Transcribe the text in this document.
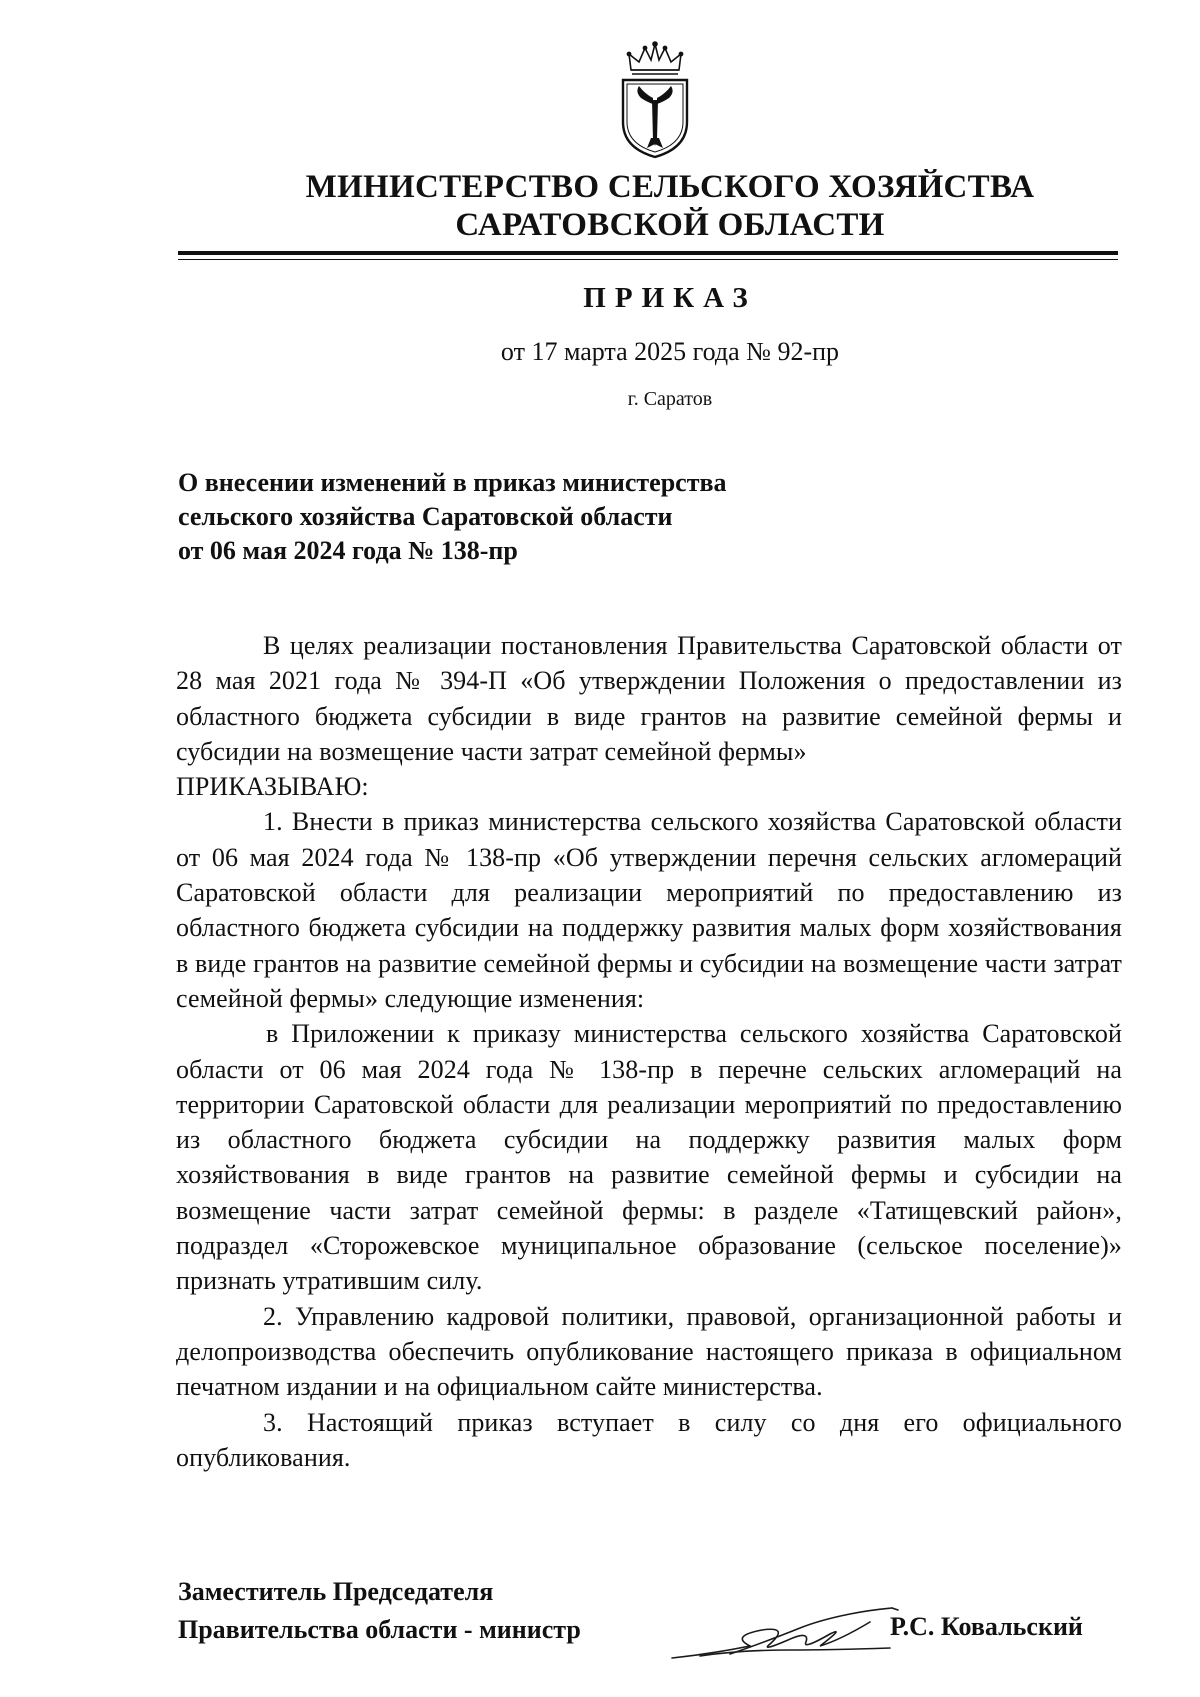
МИНИСТЕРСТВО СЕЛЬСКОГО ХОЗЯЙСТВА
САРАТОВСКОЙ ОБЛАСТИ
ПРИКАЗ
от 17 марта 2025 года № 92-пр
г. Саратов
О внесении изменений в приказ министерства
сельского хозяйства Саратовской области
от 06 мая 2024 года № 138-пр

В целях реализации постановления Правительства Саратовской области от 28 мая 2021 года № 394-П «Об утверждении Положения о предоставлении из областного бюджета субсидии в виде грантов на развитие семейной фермы и субсидии на возмещение части затрат семейной фермы»
ПРИКАЗЫВАЮ:

1. Внести в приказ министерства сельского хозяйства Саратовской области от 06 мая 2024 года № 138-пр «Об утверждении перечня сельских агломераций Саратовской области для реализации мероприятий по предоставлению из областного бюджета субсидии на поддержку развития малых форм хозяйствования в виде грантов на развитие семейной фермы и субсидии на возмещение части затрат семейной фермы» следующие изменения:

в Приложении к приказу министерства сельского хозяйства Саратовской области от 06 мая 2024 года № 138-пр в перечне сельских агломераций на территории Саратовской области для реализации мероприятий по предоставлению из областного бюджета субсидии на поддержку развития малых форм хозяйствования в виде грантов на развитие семейной фермы и субсидии на возмещение части затрат семейной фермы: в разделе «Татищевский район», подраздел «Сторожевское муниципальное образование (сельское поселение)» признать утратившим силу.

2. Управлению кадровой политики, правовой, организационной работы и делопроизводства обеспечить опубликование настоящего приказа в официальном печатном издании и на официальном сайте министерства.

3. Настоящий приказ вступает в силу со дня его официального опубликования.

Заместитель Председателя
Правительства области - министр	Р.С. Ковальский
